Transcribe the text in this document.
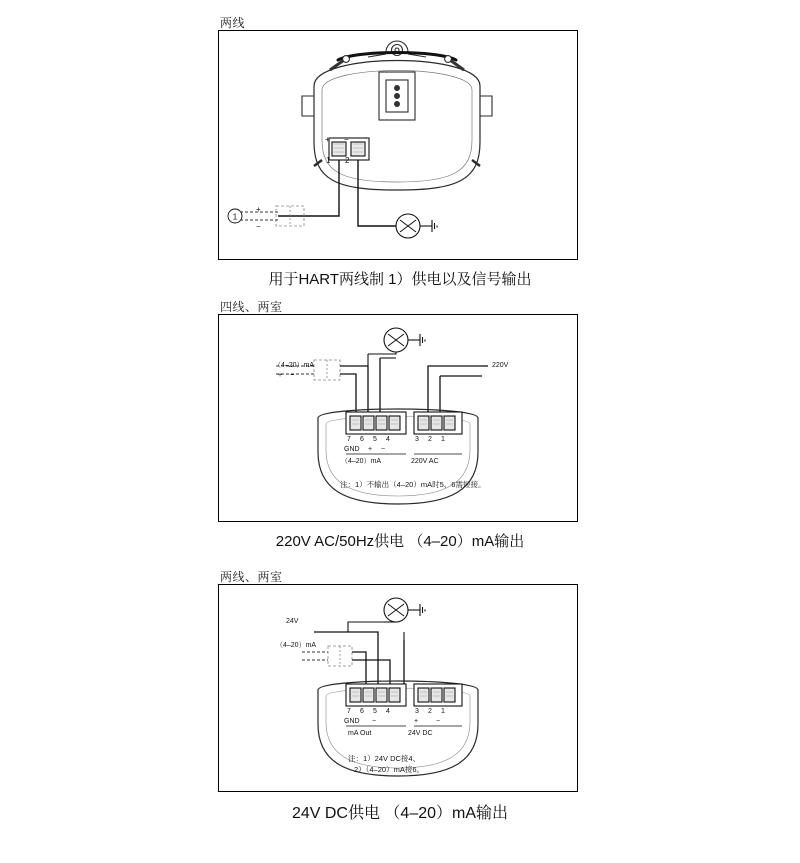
两线
1
+ −
1 2
+
−
用于HART两线制 1）供电以及信号输出
四线、两室
（4–20）mA
+ −
220V
7 6 5 4	3 2 1
GND + −
（4–20）mA	220V AC
注：1）不输出（4–20）mA时5、6需短接。
220V AC/50Hz供电 （4–20）mA输出
两线、两室
24V
（4–20）mA
7 6 5 4	3 2 1
GND −	+	−
mA Out	24V DC
注：1）24V DC接4、
2）（4–20）mA接6。
24V DC供电 （4–20）mA输出
